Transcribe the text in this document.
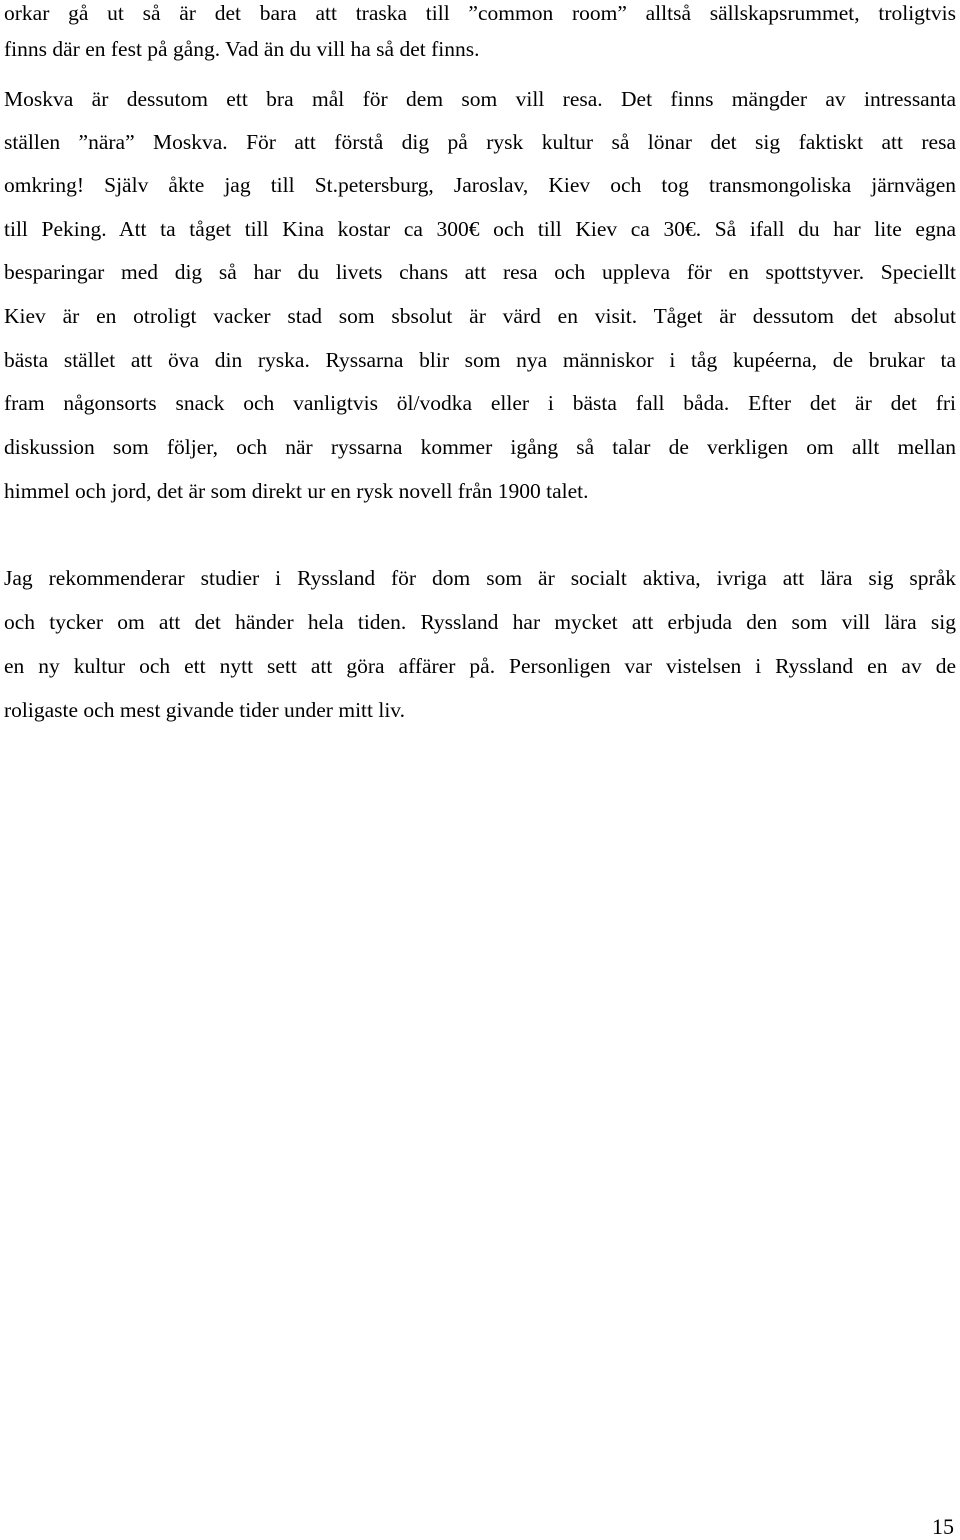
orkar gå ut så är det bara att traska till ”common room” alltså sällskapsrummet, troligtvis
finns där en fest på gång. Vad än du vill ha så det finns.
Moskva är dessutom ett bra mål för dem som vill resa. Det finns mängder av intressanta
ställen ”nära” Moskva. För att förstå dig på rysk kultur så lönar det sig faktiskt att resa
omkring! Själv åkte jag till St.petersburg, Jaroslav, Kiev och tog transmongoliska järnvägen
till Peking. Att ta tåget till Kina kostar ca 300€ och till Kiev ca 30€. Så ifall du har lite egna
besparingar med dig så har du livets chans att resa och uppleva för en spottstyver. Speciellt
Kiev är en otroligt vacker stad som sbsolut är värd en visit. Tåget är dessutom det absolut
bästa stället att öva din ryska. Ryssarna blir som nya människor i tåg kupéerna, de brukar ta
fram någonsorts snack och vanligtvis öl/vodka eller i bästa fall båda. Efter det är det fri
diskussion som följer, och när ryssarna kommer igång så talar de verkligen om allt mellan
himmel och jord, det är som direkt ur en rysk novell från 1900 talet.
Jag rekommenderar studier i Ryssland för dom som är socialt aktiva, ivriga att lära sig språk
och tycker om att det händer hela tiden. Ryssland har mycket att erbjuda den som vill lära sig
en ny kultur och ett nytt sett att göra affärer på. Personligen var vistelsen i Ryssland en av de
roligaste och mest givande tider under mitt liv.
15
